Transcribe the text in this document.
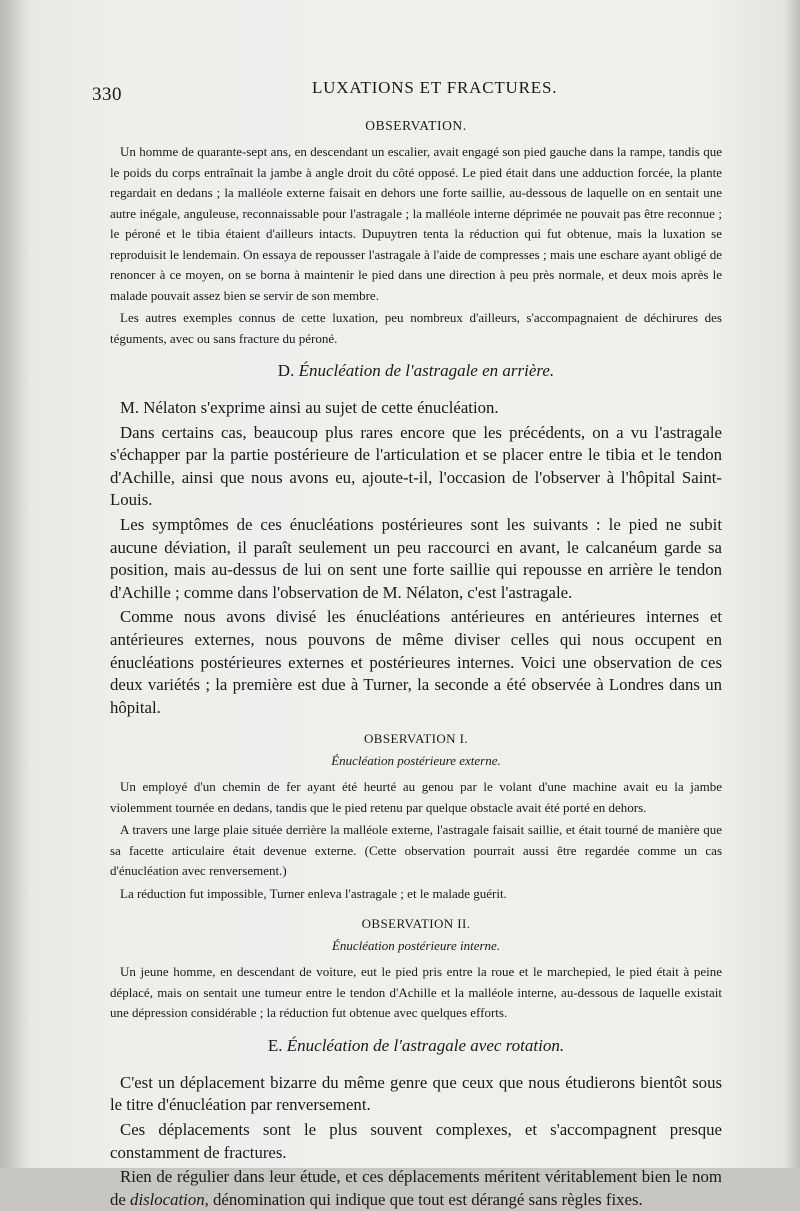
330	LUXATIONS ET FRACTURES.
OBSERVATION.

Un homme de quarante-sept ans, en descendant un escalier, avait engagé son pied gauche dans la rampe, tandis que le poids du corps entraînait la jambe à angle droit du côté opposé. Le pied était dans une adduction forcée, la plante regardait en dedans ; la malléole externe faisait en dehors une forte saillie, au-dessous de laquelle on en sentait une autre inégale, anguleuse, reconnaissable pour l'astragale ; la malléole interne déprimée ne pouvait pas être reconnue ; le péroné et le tibia étaient d'ailleurs intacts. Dupuytren tenta la réduction qui fut obtenue, mais la luxation se reproduisit le lendemain. On essaya de repousser l'astragale à l'aide de compresses ; mais une eschare ayant obligé de renoncer à ce moyen, on se borna à maintenir le pied dans une direction à peu près normale, et deux mois après le malade pouvait assez bien se servir de son membre.

Les autres exemples connus de cette luxation, peu nombreux d'ailleurs, s'accompagnaient de déchirures des téguments, avec ou sans fracture du péroné.

D. Énucléation de l'astragale en arrière.

M. Nélaton s'exprime ainsi au sujet de cette énucléation.

Dans certains cas, beaucoup plus rares encore que les précédents, on a vu l'astragale s'échapper par la partie postérieure de l'articulation et se placer entre le tibia et le tendon d'Achille, ainsi que nous avons eu, ajoute-t-il, l'occasion de l'observer à l'hôpital Saint-Louis.

Les symptômes de ces énucléations postérieures sont les suivants : le pied ne subit aucune déviation, il paraît seulement un peu raccourci en avant, le calcanéum garde sa position, mais au-dessus de lui on sent une forte saillie qui repousse en arrière le tendon d'Achille ; comme dans l'observation de M. Nélaton, c'est l'astragale.

Comme nous avons divisé les énucléations antérieures en antérieures internes et antérieures externes, nous pouvons de même diviser celles qui nous occupent en énucléations postérieures externes et postérieures internes. Voici une observation de ces deux variétés ; la première est due à Turner, la seconde a été observée à Londres dans un hôpital.

OBSERVATION I.
Énucléation postérieure externe.

Un employé d'un chemin de fer ayant été heurté au genou par le volant d'une machine avait eu la jambe violemment tournée en dedans, tandis que le pied retenu par quelque obstacle avait été porté en dehors.

A travers une large plaie située derrière la malléole externe, l'astragale faisait saillie, et était tourné de manière que sa facette articulaire était devenue externe. (Cette observation pourrait aussi être regardée comme un cas d'énucléation avec renversement.)

La réduction fut impossible, Turner enleva l'astragale ; et le malade guérit.

OBSERVATION II.
Énucléation postérieure interne.

Un jeune homme, en descendant de voiture, eut le pied pris entre la roue et le marchepied, le pied était à peine déplacé, mais on sentait une tumeur entre le tendon d'Achille et la malléole interne, au-dessous de laquelle existait une dépression considérable ; la réduction fut obtenue avec quelques efforts.

E. Énucléation de l'astragale avec rotation.

C'est un déplacement bizarre du même genre que ceux que nous étudierons bientôt sous le titre d'énucléation par renversement.

Ces déplacements sont le plus souvent complexes, et s'accompagnent presque constamment de fractures.

Rien de régulier dans leur étude, et ces déplacements méritent véritablement bien le nom de dislocation, dénomination qui indique que tout est dérangé sans règles fixes.
